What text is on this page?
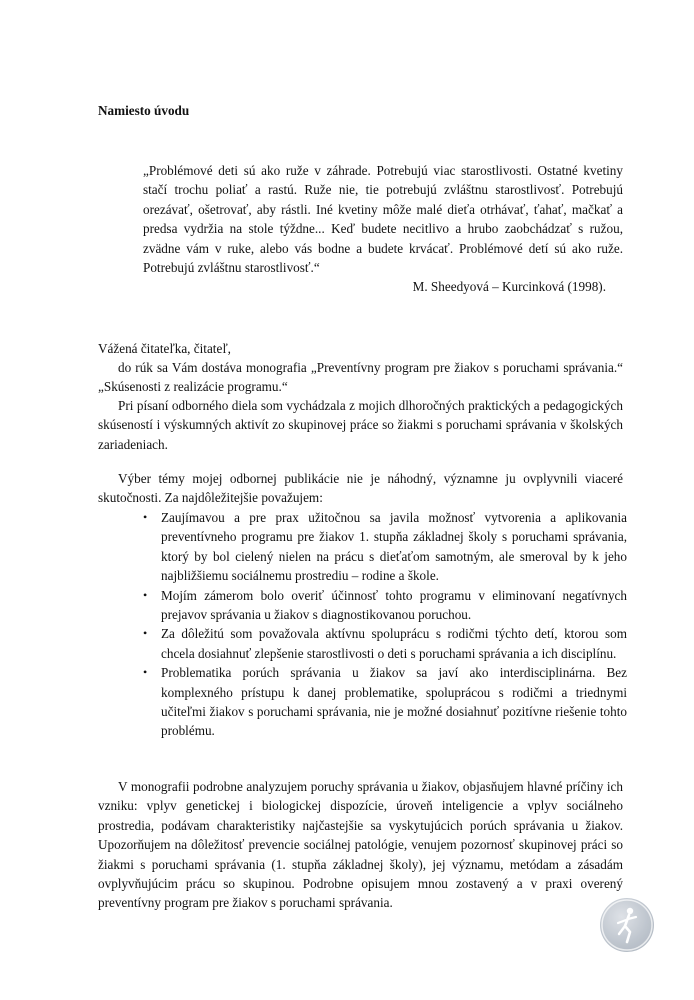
Namiesto úvodu
„Problémové deti sú ako ruže v záhrade. Potrebujú viac starostlivosti. Ostatné kvetiny stačí trochu poliať a rastú. Ruže nie, tie potrebujú zvláštnu starostlivosť. Potrebujú orezávať, ošetrovať, aby rástli. Iné kvetiny môže malé dieťa otrhávať, ťahať, mačkať a predsa vydržia na stole týždne... Keď budete necitlivo a hrubo zaobchádzať s ružou, zvädne vám v ruke, alebo vás bodne a budete krvácať. Problémové detí sú ako ruže. Potrebujú zvláštnu starostlivosť.“
M. Sheedyová – Kurcinková (1998).
Vážená čitateľka, čitateľ,
do rúk sa Vám dostáva monografia „Preventívny program pre žiakov s poruchami správania.“ „Skúsenosti z realizácie programu.“
Pri písaní odborného diela som vychádzala z mojich dlhoročných praktických a pedagogických skúseností i výskumných aktivít zo skupinovej práce so žiakmi s poruchami správania v školských zariadeniach.
Výber témy mojej odbornej publikácie nie je náhodný, významne ju ovplyvnili viaceré skutočnosti. Za najdôležitejšie považujem:
• Zaujímavou a pre prax užitočnou sa javila možnosť vytvorenia a aplikovania preventívneho programu pre žiakov 1. stupňa základnej školy s poruchami správania, ktorý by bol cielený nielen na prácu s dieťaťom samotným, ale smeroval by k jeho najbližšiemu sociálnemu prostrediu – rodine a škole.
• Mojím zámerom bolo overiť účinnosť tohto programu v eliminovaní negatívnych prejavov správania u žiakov s diagnostikovanou poruchou.
• Za dôležitú som považovala aktívnu spoluprácu s rodičmi týchto detí, ktorou som chcela dosiahnuť zlepšenie starostlivosti o deti s poruchami správania a ich disciplínu.
• Problematika porúch správania u žiakov sa javí ako interdisciplinárna. Bez komplexného prístupu k danej problematike, spoluprácou s rodičmi a triednymi učiteľmi žiakov s poruchami správania, nie je možné dosiahnuť pozitívne riešenie tohto problému.
V monografii podrobne analyzujem poruchy správania u žiakov, objasňujem hlavné príčiny ich vzniku: vplyv genetickej i biologickej dispozície, úroveň inteligencie a vplyv sociálneho prostredia, podávam charakteristiky najčastejšie sa vyskytujúcich porúch správania u žiakov. Upozorňujem na dôležitosť prevencie sociálnej patológie, venujem pozornosť skupinovej práci so žiakmi s poruchami správania (1. stupňa základnej školy), jej významu, metódam a zásadám ovplyvňujúcim prácu so skupinou. Podrobne opisujem mnou zostavený a v praxi overený preventívny program pre žiakov s poruchami správania.
